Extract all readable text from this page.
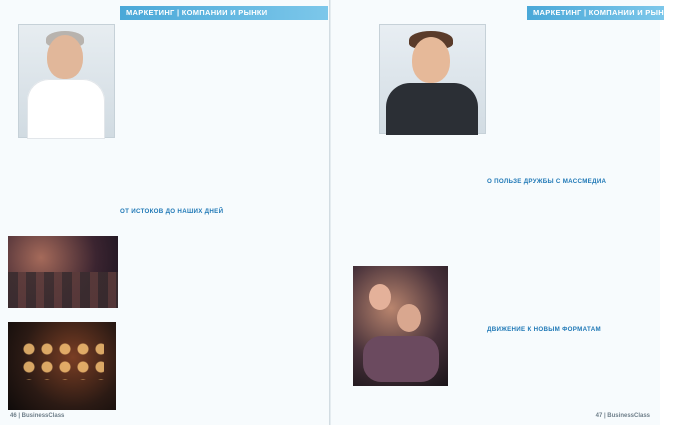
МАРКЕТИНГ | КОМПАНИИ И РЫНКИ
ОТ ИСТОКОВ ДО НАШИХ ДНЕЙ
46 | BusinessClass
МАРКЕТИНГ | КОМПАНИИ И РЫНКИ
О ПОЛЬЗЕ ДРУЖБЫ С МАССМЕДИА
ДВИЖЕНИЕ К НОВЫМ ФОРМАТАМ
47 | BusinessClass
